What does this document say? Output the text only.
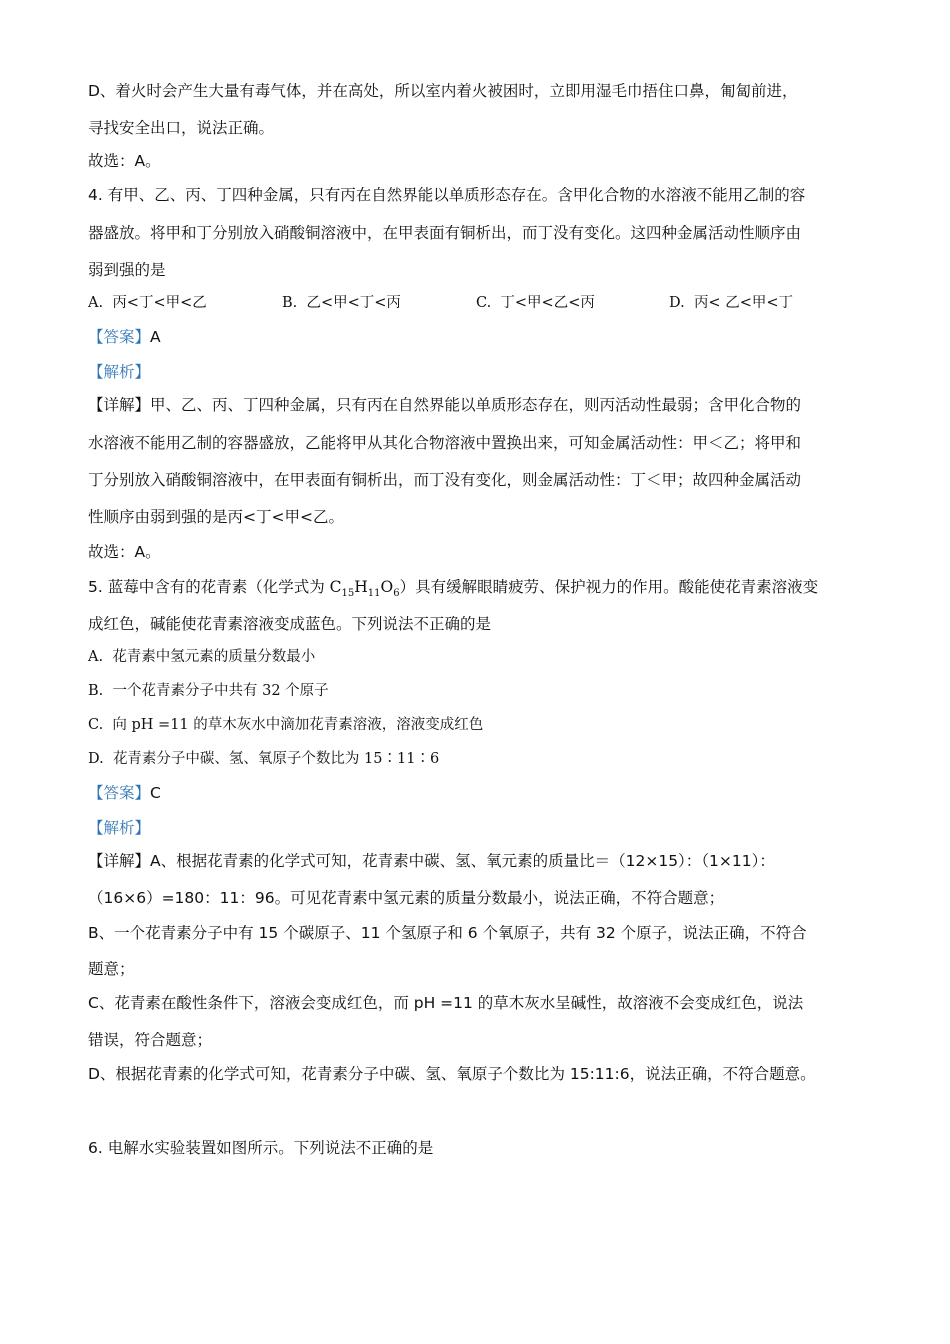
D、着火时会产生大量有毒气体，并在高处，所以室内着火被困时，立即用湿毛巾捂住口鼻，匍匐前进，
寻找安全出口，说法正确。
故选：A。
4. 有甲、乙、丙、丁四种金属，只有丙在自然界能以单质形态存在。含甲化合物的水溶液不能用乙制的容
器盛放。将甲和丁分别放入硝酸铜溶液中，在甲表面有铜析出，而丁没有变化。这四种金属活动性顺序由
弱到强的是
A. 丙<丁<甲<乙	B. 乙<甲<丁<丙	C. 丁<甲<乙<丙	D. 丙< 乙<甲<丁
【答案】A
【解析】
【详解】甲、乙、丙、丁四种金属，只有丙在自然界能以单质形态存在，则丙活动性最弱；含甲化合物的
水溶液不能用乙制的容器盛放，乙能将甲从其化合物溶液中置换出来，可知金属活动性：甲＜乙；将甲和
丁分别放入硝酸铜溶液中，在甲表面有铜析出，而丁没有变化，则金属活动性：丁＜甲；故四种金属活动
性顺序由弱到强的是丙<丁<甲<乙。
故选：A。
5. 蓝莓中含有的花青素（化学式为 $C_{15}H_{11}O_6$）具有缓解眼睛疲劳、保护视力的作用。酸能使花青素溶液变
成红色，碱能使花青素溶液变成蓝色。下列说法不正确的是
A. 花青素中氢元素的质量分数最小
B. 一个花青素分子中共有 32 个原子
C. 向 pH =11 的草木灰水中滴加花青素溶液，溶液变成红色
D. 花青素分子中碳、氢、氧原子个数比为 15∶11∶6
【答案】C
【解析】
【详解】A、根据花青素的化学式可知，花青素中碳、氢、氧元素的质量比＝（12×15）：（1×11）：
（16×6）=180：11：96。可见花青素中氢元素的质量分数最小，说法正确，不符合题意；
B、一个花青素分子中有 15 个碳原子、11 个氢原子和 6 个氧原子，共有 32 个原子，说法正确，不符合
题意；
C、花青素在酸性条件下，溶液会变成红色，而 pH =11 的草木灰水呈碱性，故溶液不会变成红色，说法
错误，符合题意；
D、根据花青素的化学式可知，花青素分子中碳、氢、氧原子个数比为 15:11:6，说法正确，不符合题意。
6. 电解水实验装置如图所示。下列说法不正确的是
